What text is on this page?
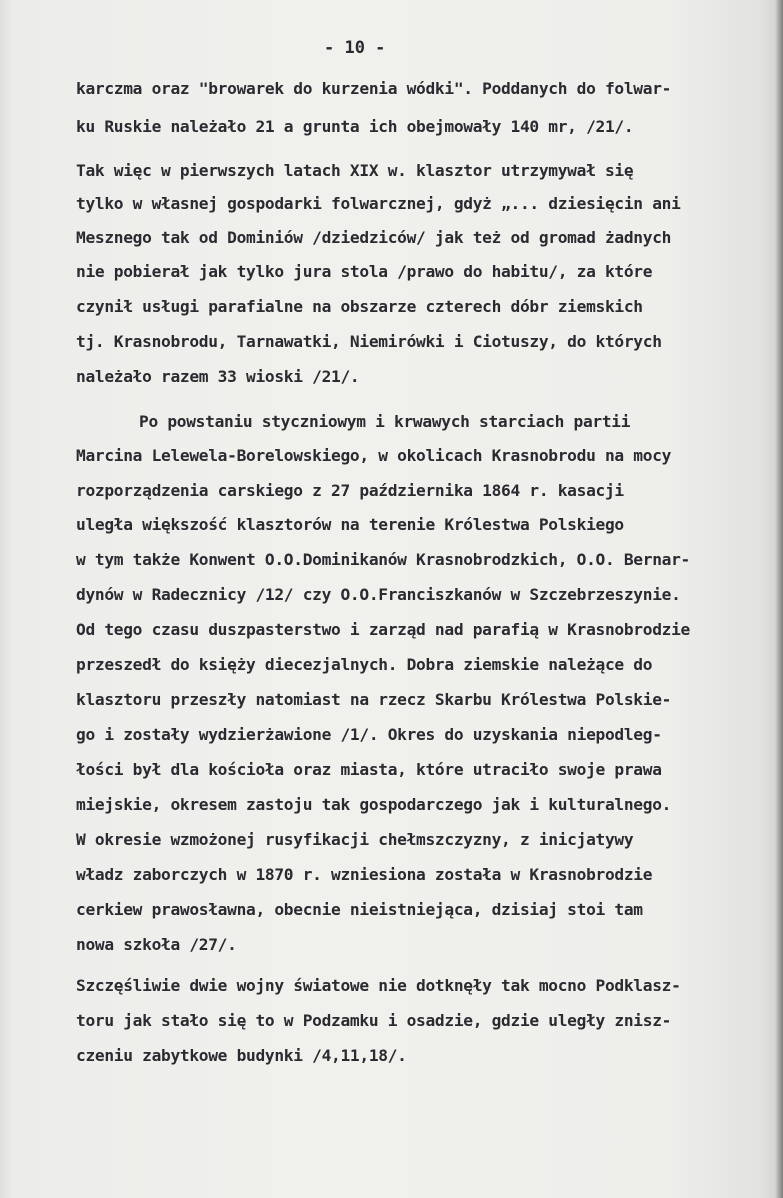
- 10 -
karczma oraz "browarek do kurzenia wódki". Poddanych do folwar-
ku Ruskie należało 21 a grunta ich obejmowały 140 mr, /21/.
Tak więc w pierwszych latach XIX w. klasztor utrzymywał się
tylko w własnej gospodarki folwarcznej, gdyż „... dziesięcin ani
Mesznego tak od Dominiów /dziedziców/ jak też od gromad żadnych
nie pobierał jak tylko jura stola /prawo do habitu/, za które
czynił usługi parafialne na obszarze czterech dóbr ziemskich
tj. Krasnobrodu, Tarnawatki, Niemirówki i Ciotuszy, do których
należało razem 33 wioski /21/.
Po powstaniu styczniowym i krwawych starciach partii
Marcina Lelewela-Borelowskiego, w okolicach Krasnobrodu na mocy
rozporządzenia carskiego z 27 października 1864 r. kasacji
uległa większość klasztorów na terenie Królestwa Polskiego
w tym także Konwent O.O.Dominikanów Krasnobrodzkich, O.O. Bernar-
dynów w Radecznicy /12/ czy O.O.Franciszkanów w Szczebrzeszynie.
Od tego czasu duszpasterstwo i zarząd nad parafią w Krasnobrodzie
przeszedł do księży diecezjalnych. Dobra ziemskie należące do
klasztoru przeszły natomiast na rzecz Skarbu Królestwa Polskie-
go i zostały wydzierżawione /1/. Okres do uzyskania niepodleg-
łości był dla kościoła oraz miasta, które utraciło swoje prawa
miejskie, okresem zastoju tak gospodarczego jak i kulturalnego.
W okresie wzmożonej rusyfikacji chełmszczyzny, z inicjatywy
władz zaborczych w 1870 r. wzniesiona została w Krasnobrodzie
cerkiew prawosławna, obecnie nieistniejąca, dzisiaj stoi tam
nowa szkoła /27/.
Szczęśliwie dwie wojny światowe nie dotknęły tak mocno Podklasz-
toru jak stało się to w Podzamku i osadzie, gdzie uległy znisz-
czeniu zabytkowe budynki /4,11,18/.
